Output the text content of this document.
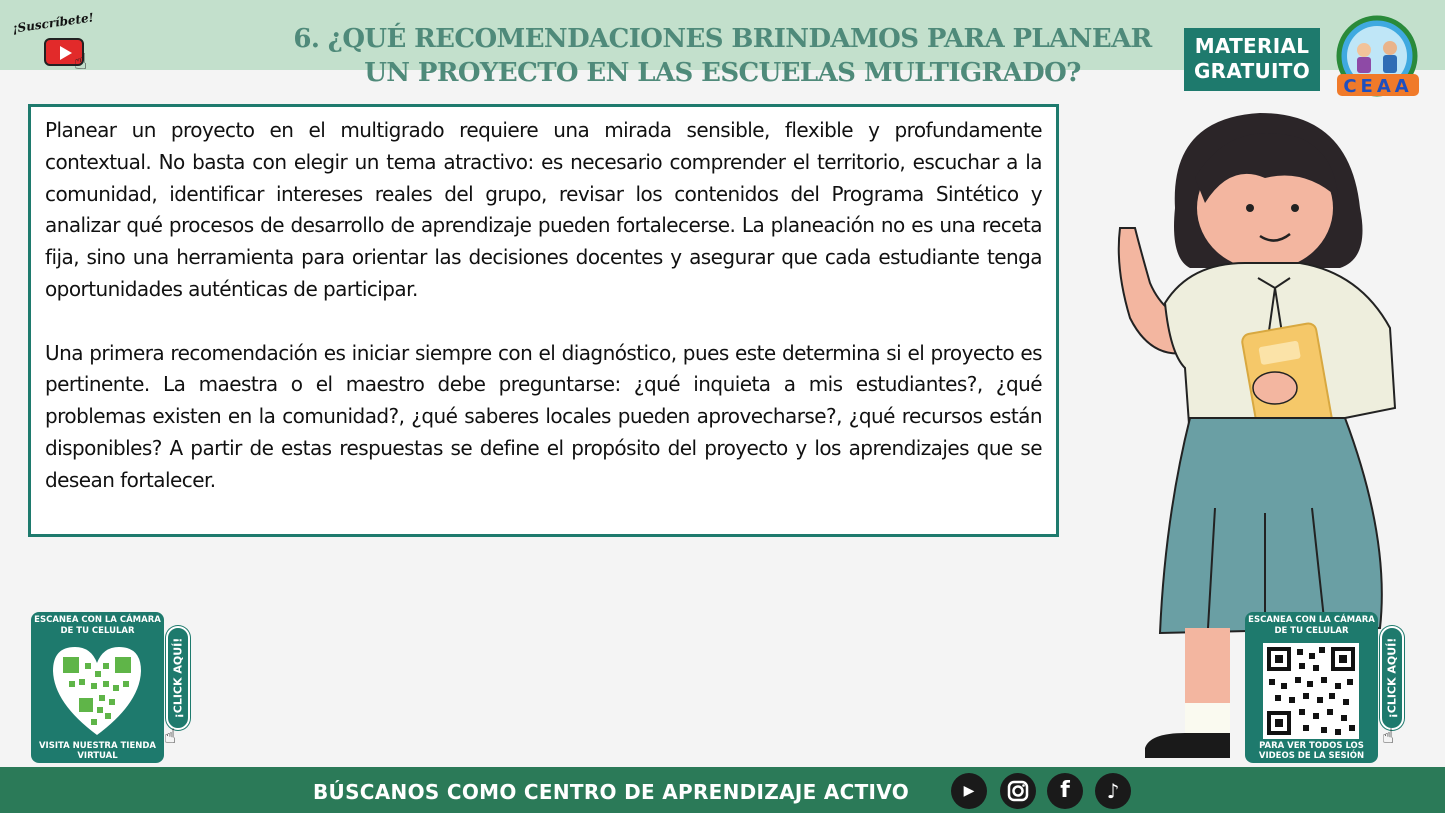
¡Suscríbete!
☝
6. ¿QUÉ RECOMENDACIONES BRINDAMOS PARA PLANEAR
UN PROYECTO EN LAS ESCUELAS MULTIGRADO?
MATERIAL
GRATUITO
CEAA

Planear un proyecto en el multigrado requiere una mirada sensible, flexible y profundamente contextual. No basta con elegir un tema atractivo: es necesario comprender el territorio, escuchar a la comunidad, identificar intereses reales del grupo, revisar los contenidos del Programa Sintético y analizar qué procesos de desarrollo de aprendizaje pueden fortalecerse. La planeación no es una receta fija, sino una herramienta para orientar las decisiones docentes y asegurar que cada estudiante tenga oportunidades auténticas de participar.

Una primera recomendación es iniciar siempre con el diagnóstico, pues este determina si el proyecto es pertinente. La maestra o el maestro debe preguntarse: ¿qué inquieta a mis estudiantes?, ¿qué problemas existen en la comunidad?, ¿qué saberes locales pueden aprovecharse?, ¿qué recursos están disponibles? A partir de estas respuestas se define el propósito del proyecto y los aprendizajes que se desean fortalecer.

ESCANEA CON LA CÁMARA DE TU CELULAR
VISITA NUESTRA TIENDA VIRTUAL
¡CLICK AQUÍ!
☝
ESCANEA CON LA CÁMARA DE TU CELULAR
PARA VER TODOS LOS VIDEOS DE LA SESIÓN
¡CLICK AQUÍ!
☝
BÚSCANOS COMO CENTRO DE APRENDIZAJE ACTIVO	▶	f	♪
